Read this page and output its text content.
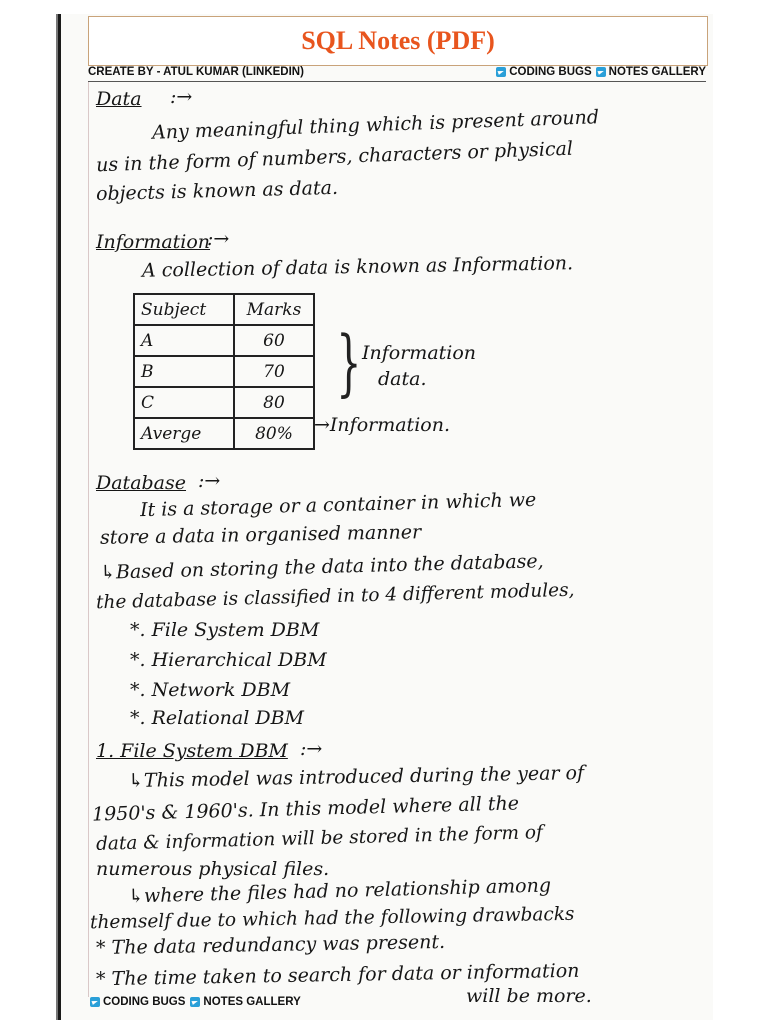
SQL Notes (PDF)
CREATE BY - ATUL KUMAR (LINKEDIN)	CODING BUGS NOTES GALLERY
Data :→
Any meaningful thing which is present around
us in the form of numbers, characters or physical
objects is known as data.
Information
:→
A collection of data is known as Information.
Subject	Marks
A	60
B	70
C	80
Averge	80%
} Information
data.
→Information.
Database :→
It is a storage or a container in which we
store a data in organised manner
↳Based on storing the data into the database,
the database is classified in to 4 different modules,
*. File System DBM
*. Hierarchical DBM
*. Network DBM
*. Relational DBM
1. File System DBM :→
↳This model was introduced during the year of
1950's & 1960's. In this model where all the
data & information will be stored in the form of
numerous physical files.
↳where the files had no relationship among
themself due to which had the following drawbacks
* The data redundancy was present.
* The time taken to search for data or information
will be more.
CODING BUGS NOTES GALLERY
